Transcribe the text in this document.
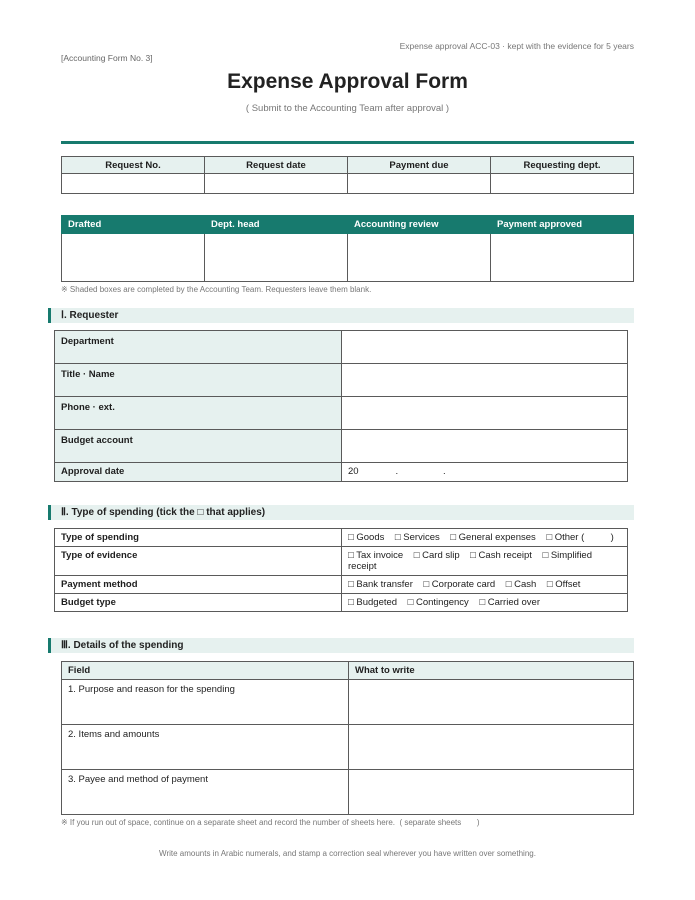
Expense approval ACC-03 · kept with the evidence for 5 years
[Accounting Form No. 3]
Expense Approval Form
( Submit to the Accounting Team after approval )
Request No.	Request date	Payment due	Requesting dept.

Drafted	Dept. head	Accounting review	Payment approved

※ Shaded boxes are completed by the Accounting Team. Requesters leave them blank.
Ⅰ. Requester
Department	
Title · Name	
Phone · ext.	
Budget account	
Approval date	20              .                 .
Ⅱ. Type of spending (tick the □ that applies)
Type of spending	□ Goods    □ Services    □ General expenses    □ Other (          )
Type of evidence	□ Tax invoice    □ Card slip    □ Cash receipt    □ Simplified receipt
Payment method	□ Bank transfer    □ Corporate card    □ Cash    □ Offset
Budget type	□ Budgeted    □ Contingency    □ Carried over
Ⅲ. Details of the spending
Field	What to write
1. Purpose and reason for the spending	
2. Items and amounts	
3. Payee and method of payment	
※ If you run out of space, continue on a separate sheet and record the number of sheets here.  ( separate sheets       )
Write amounts in Arabic numerals, and stamp a correction seal wherever you have written over something.
